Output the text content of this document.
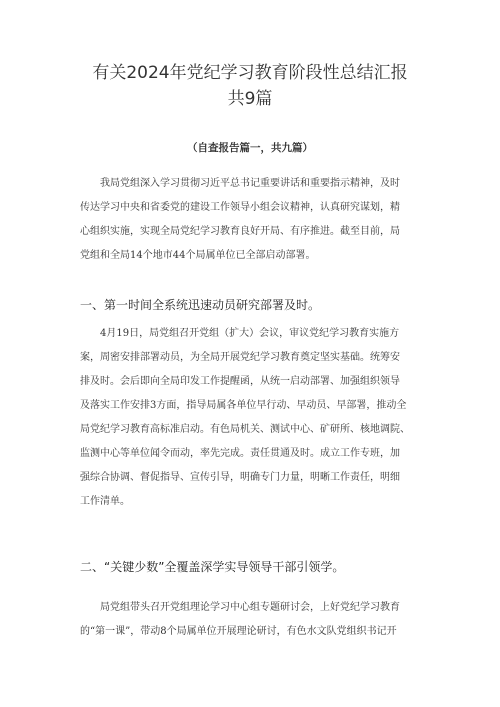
有关2024年党纪学习教育阶段性总结汇报
共9篇
（自查报告篇一，共九篇）
我局党组深入学习贯彻习近平总书记重要讲话和重要指示精神，及时
传达学习中央和省委党的建设工作领导小组会议精神，认真研究谋划，精
心组织实施，实现全局党纪学习教育良好开局、有序推进。截至目前，局
党组和全局14个地市44个局属单位已全部启动部署。
一、第一时间全系统迅速动员研究部署及时。
4月19日，局党组召开党组（扩大）会议，审议党纪学习教育实施方
案，周密安排部署动员，为全局开展党纪学习教育奠定坚实基础。统筹安
排及时。会后即向全局印发工作提醒函，从统一启动部署、加强组织领导
及落实工作安排3方面，指导局属各单位早行动、早动员、早部署，推动全
局党纪学习教育高标准启动。有色局机关、测试中心、矿研所、核地调院、
监测中心等单位闻令而动，率先完成。责任贯通及时。成立工作专班，加
强综合协调、督促指导、宣传引导，明确专门力量，明晰工作责任，明细
工作清单。
二、“关键少数”全覆盖深学实导领导干部引领学。
局党组带头召开党组理论学习中心组专题研讨会，上好党纪学习教育
的“第一课”，带动8个局属单位开展理论研讨，有色水文队党组织书记开
